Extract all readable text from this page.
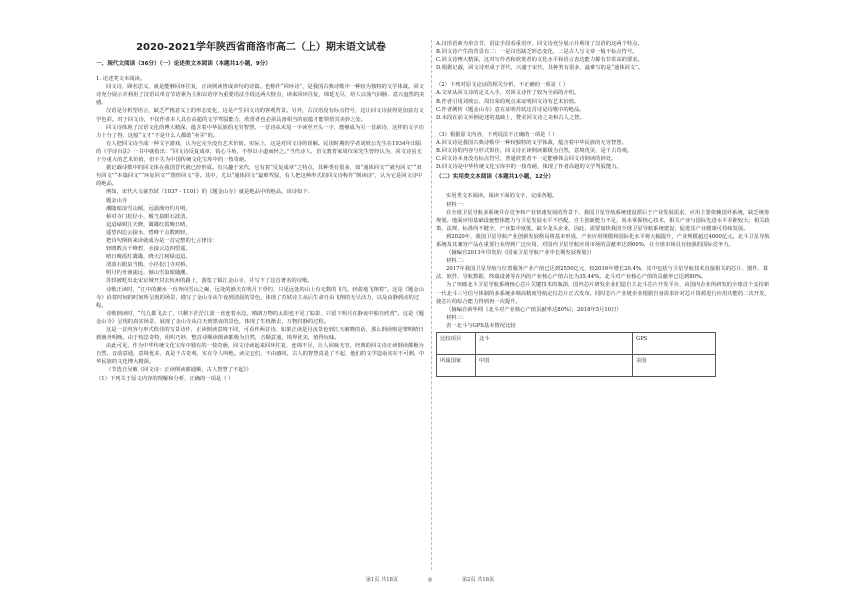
2020-2021学年陕西省商洛市高二（上）期末语文试卷

一、现代文阅读（36分）（一）论述类文本阅读（本题共1小题，9分）

1. 论述类文本阅读。

回文诗，顾名思义，就是能够回环往复，正读倒读皆成章句的诗篇。也称作“回环诗”，是我国古典诗歌中一种较为独特的文学体裁。回文诗充分展示并利用了汉语以单音节语素为主和以语序为重要语法手段这两大特点，读来回环往复，绵延无尽，给人以荡气回肠、意兴盎然的美感。

汉语是分析型语言，缺乏严格意义上的形态变化，这是产生回文诗的客观背景。另外，古汉语没有标点符号，这让回文诗获得更加富有文学色彩。对于回文诗，不仅作者本人具有高超的文学驾驭能力，欣赏者也必须具备相当的底蕴才能领悟其美妙之处。

回文诗体现了汉语文化的博大精深，蕴含着中华民族的无穷智慧。一首诗从末尾一字读至开头一字，能够成为另一首新诗，这样的文字功力十分了得，这般“文才”不是什么人都敢“卖弄”的。

有人把回文诗当成一种文字游戏，认为它完全没有艺术价值。实际上，这是对回文诗的误解。民国时期的学者刘坡公先生在1934年出版的《学诗百法》一书中就指出：“回文诗反复成章，钩心斗角，不得以小道而轻之。”当代诗人、语文教育家周仪荣先生曾经认为，回文诗虽无十分重大的艺术价值，但不失为中国传统文化宝库中的一枝奇葩。

据记载诗歌中的回文体在我国晋代就已经形成。有兴趣于宋代，它有着“反复成章”之特点，其种类有很多，如“通体回文”“就句回文”“双句回文”“本篇回文”“环复回文”“图形回文”等。其中，尤以“通体回文”最难驾驭，有人把这种形式的回文诗称作“倒读诗”，认为它是回文诗中的绝品。

例如，宋代大文豪苏轼（1037 - 1101）的《题金山寺》就是绝品中的绝品。该诗如下：

题金山寺

潮随暗浪雪山倾，远浦渔舟钓月明。

桥对寺门松径小，槛当泉眼石波清。

迢迢绿树江天晓，霭霭红霞晚日晴。

遥望四边云接水，碧峰千点数鸥轻。

把诗句倒转来读就成为是一首完整的七言律诗：

轻鸥数点千峰碧，水接云边四望遥。

晴日晚霞红霭霭，晓天江树绿迢迢。

清波石眼泉当槛，小径松门寺对桥。

明月钓舟渔浦远，倾山雪浪暗随潮。

苏轼被贬出北宋京城开封去杭州的路上，游览了镇江金山寺，并写下了这首著名的诗歌。

诗歌正读时，“江中的潮水一直奔向雪山之巅，远处的渔夫在明月下垂钓，只见远处的山上有无数的飞鸟，轻盈地飞翔着”。这是《题金山寺》沿着时间的时间所呈现的场景，描写了金山寺从午夜到清晨的景色，体现了苏轼诗主从后生命自由飞翔的无尽活力，以及由静到动的过程。

诗歌倒读时，“鸟儿都飞去了，只剩下茫茫江波一直连着水边，晴朗万物的太阳也不见了踪影，只留下明月在静夜中独自欣赏”。这是《题金山寺》呈现的真实场景，展现了金山寺从白天到黑夜的景色，体现了生机渐去，万物归静的过程。

这是一首内容与形式俱佳的写景诗作，正读倒读意境不同，可看作两首诗。如果正读是月夜景色到江天破晓的话，那么倒读则是黎明晴日到渔舟明晚，由于构思奇特，组织巧妙，整首诗顺读倒读都极为自然，音顺意通，境界优美，值得玩味。

由此可见，作为中华传统文化宝库中独有的一枝奇葩，回文诗读起来回环往复，连绵不尽，让人回味无穷。经典的回文诗正读倒读都极为自然，音韵意通，意境优美，真是千古奇观，实在令人叫绝。读完它们，不由感叹，古人的智慧真是了不起，他们的文学造诣实在不可测，中华民族的文化博大精深。

（节选自吴敏《回文诗：正读倒读都通顺，古人智慧了不起》）

（1）下列关于原文内容的理解和分析，正确的一项是（ ）

A.汉语语素为单音节，语法手段看重语序，回文诗充分展示并利用了汉语的这两个特点。

B.回文诗产生的背景有二：一是汉语缺乏形态变化，二是古人写文章一般不标点符号。

C.回文诗博大精深，这对写作者和欣赏者的文化水平和语言表达能力都有非常高的要求。

D.根据记载，回文诗形成于晋代，兴盛于宋代，其种类有很多，最难写的是“通体回文”。

（2）下列对原文论证的相关分析，不正确的一项是（ ）

A.文章从回文诗的定义入手，对回文诗作了较为全面的介绍。

B.作者引用刘坡公、周仪荣的观点来证明回文诗有艺术价值。

C.作者例析《题金山寺》意在证明苏轼这首诗是诗歌中的绝品。

D.末段在前文举例论述的基础上，赞美回文诗之美和古人之智。

（3）根据原文内容，下列说法不正确的一项是（ ）

A.回文诗是我国古典诗歌中一种较独特的文学体裁，蕴含着中华民族的无穷智慧。

B.回文诗的内容与形式俱佳，回文诗正读倒读都极为自然，意境优美，是千古奇观。

C.回文诗本身没有标点符号，普通欣赏者不一定能够体会回文诗倒读的妙处。

D.回文诗是中华传统文化宝库中的一枝奇葩，体现了作者高超的文学驾驭能力。

（二）实用类文本阅读（本题共1小题，12分）

实用类文本阅读。阅读下面的文字，完成各题。

材料一：

在全球卫星导航多系统并存竞争和产业快速发展的背景下，我国卫星导航系统建设滞后于产业发展需求，应用主要依赖国外系统，缺乏统筹规划，地面应用基础设施整体能力与卫星发展水平不匹配，自主创新能力不足，尚未掌握核心技术，相关产业与国际先进水平差距较大；相关政策、法规、标准尚不健全，产业集中度低，缺少龙头企业。因此，需要加快我国全球卫星导航系统建设，促进其产业健康可持续发展。

到2020年，我国卫星导航产业创新发展格局将基本形成，产业应用规模和国际化水平将大幅提升，产业规模超过4000亿元。北斗卫星导航系统及其兼容产品在重要行业得到广泛应用，对国内卫星导航应用市场的贡献率达到60%，在全球市场具有较强的国际竞争力。

（摘编自2013年印发的《国家卫星导航产业中长期发展规划》）

材料二：

2017年我国卫星导航与位置服务产业产值已达到2550亿元，较2016年增长20.4%，其中包括与卫星导航技术直接相关的芯片、器件、算法、软件、导航数据、终端设备等在内的产业核心产值占比为35.44%。北斗对产业核心产值的贡献率已达到80%。

为了突破北斗卫星导航系统核心芯片关键技术的瓶颈，国内芯片研发企业们造自主北斗芯片开发平台，由国内企业所研发的全球首个支持新一代北斗三号信号体制的多系统多频高精度导航定位芯片正式发布。同时芯片产业链企业根据自身需求针对芯片资源进行应用功能的二次开发，使芯片的综合能力得到再一次提升。

（摘编自新华网《北斗对产业核心产值贡献率达80%》，2018年5月10日）

材料三：

表一北斗与GPS基本情况比较

比较项目	北斗	GPS
所属国家	中国	美国
第1页 共18页	◎	第2页 共18页
